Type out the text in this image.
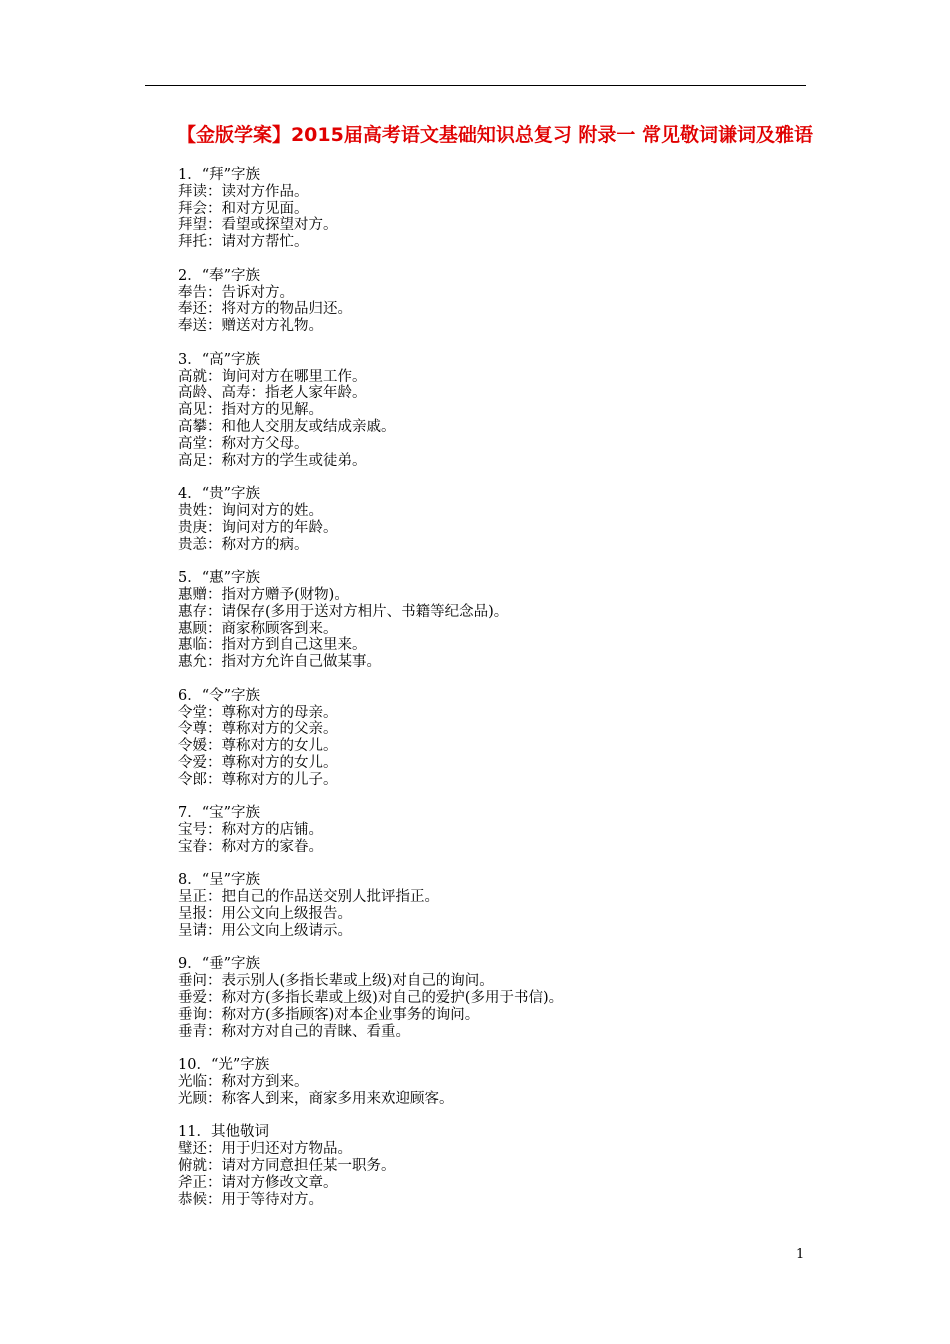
【金版学案】2015届高考语文基础知识总复习 附录一 常见敬词谦词及雅语
1．“拜”字族
拜读：读对方作品。
拜会：和对方见面。
拜望：看望或探望对方。
拜托：请对方帮忙。
2．“奉”字族
奉告：告诉对方。
奉还：将对方的物品归还。
奉送：赠送对方礼物。
3．“高”字族
高就：询问对方在哪里工作。
高龄、高寿：指老人家年龄。
高见：指对方的见解。
高攀：和他人交朋友或结成亲戚。
高堂：称对方父母。
高足：称对方的学生或徒弟。
4．“贵”字族
贵姓：询问对方的姓。
贵庚：询问对方的年龄。
贵恙：称对方的病。
5．“惠”字族
惠赠：指对方赠予(财物)。
惠存：请保存(多用于送对方相片、书籍等纪念品)。
惠顾：商家称顾客到来。
惠临：指对方到自己这里来。
惠允：指对方允许自己做某事。
6．“令”字族
令堂：尊称对方的母亲。
令尊：尊称对方的父亲。
令媛：尊称对方的女儿。
令爱：尊称对方的女儿。
令郎：尊称对方的儿子。
7．“宝”字族
宝号：称对方的店铺。
宝眷：称对方的家眷。
8．“呈”字族
呈正：把自己的作品送交别人批评指正。
呈报：用公文向上级报告。
呈请：用公文向上级请示。
9．“垂”字族
垂问：表示别人(多指长辈或上级)对自己的询问。
垂爱：称对方(多指长辈或上级)对自己的爱护(多用于书信)。
垂询：称对方(多指顾客)对本企业事务的询问。
垂青：称对方对自己的青睐、看重。
10．“光”字族
光临：称对方到来。
光顾：称客人到来，商家多用来欢迎顾客。
11．其他敬词
璧还：用于归还对方物品。
俯就：请对方同意担任某一职务。
斧正：请对方修改文章。
恭候：用于等待对方。
1
